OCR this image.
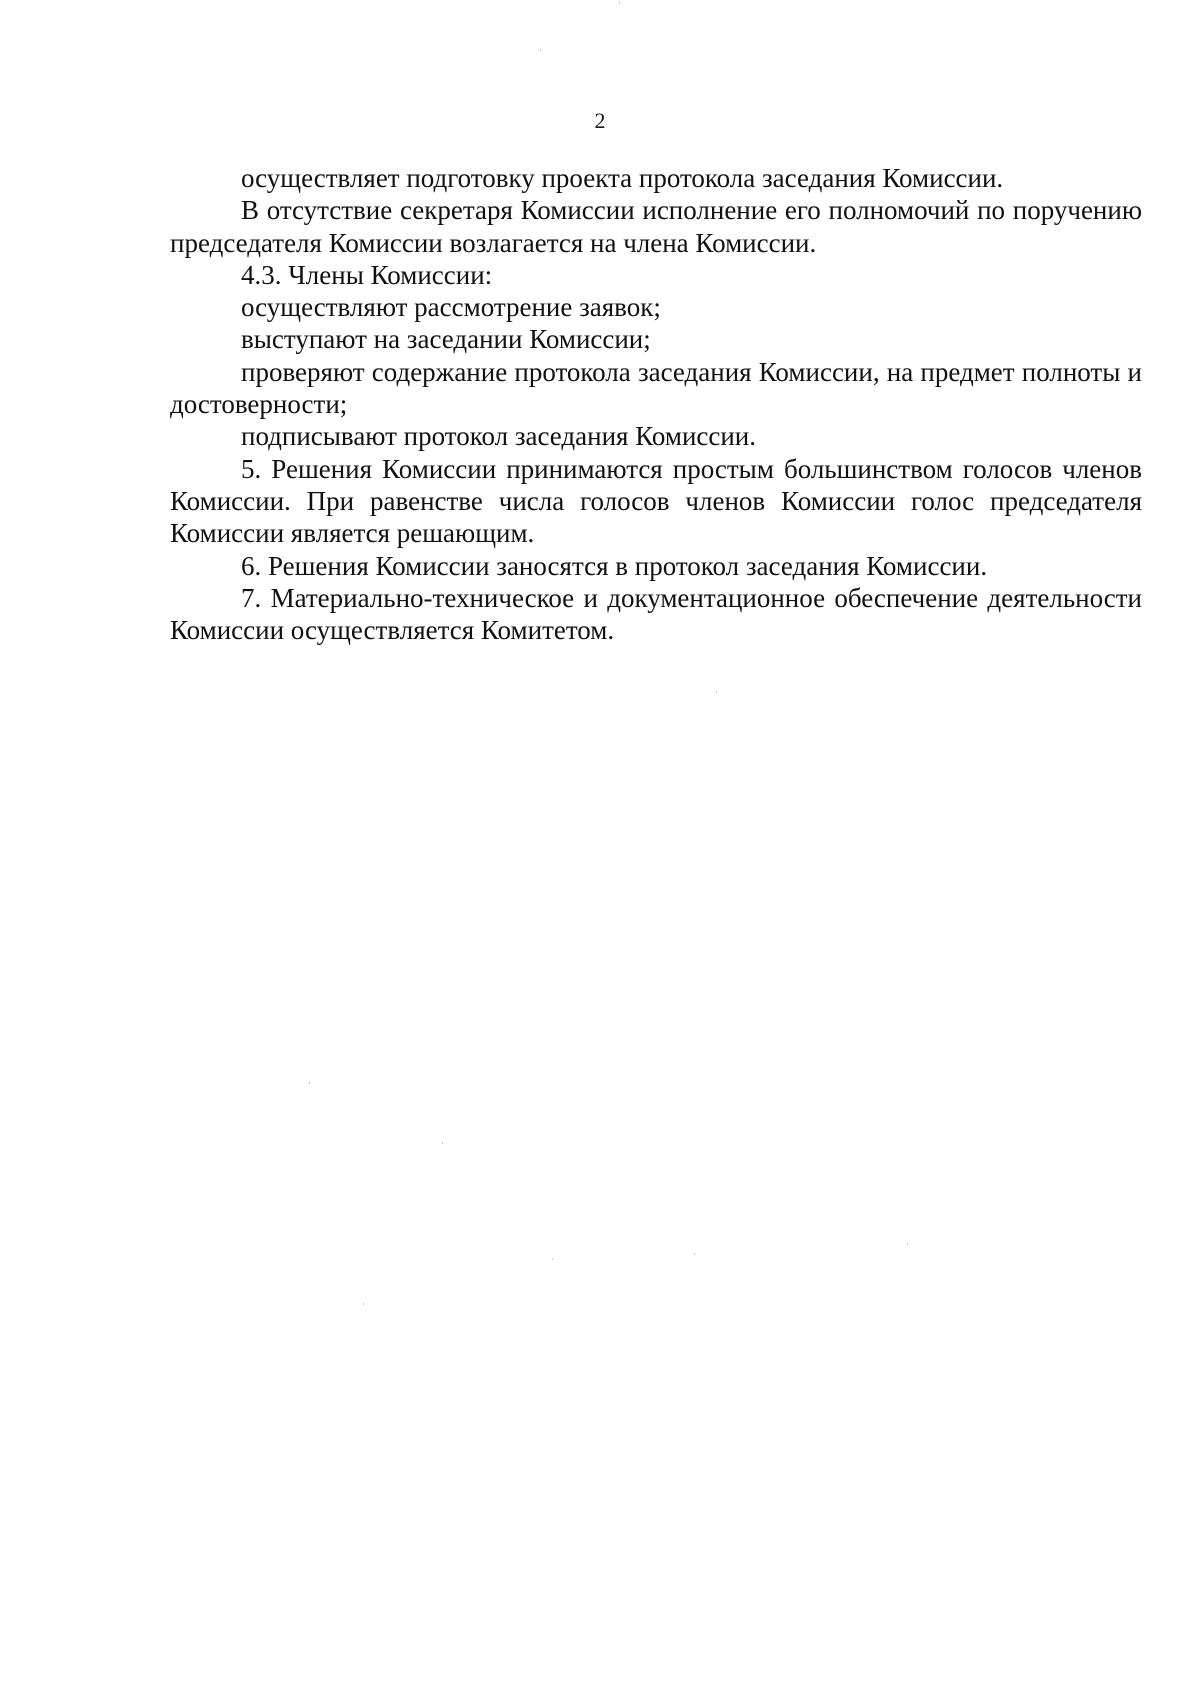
2

осуществляет подготовку проекта протокола заседания Комиссии.

В отсутствие секретаря Комиссии исполнение его полномочий по поручению председателя Комиссии возлагается на члена Комиссии.

4.3. Члены Комиссии:

осуществляют рассмотрение заявок;

выступают на заседании Комиссии;

проверяют содержание протокола заседания Комиссии, на предмет полноты и достоверности;

подписывают протокол заседания Комиссии.

5. Решения Комиссии принимаются простым большинством голосов членов Комиссии. При равенстве числа голосов членов Комиссии голос председателя Комиссии является решающим.

6. Решения Комиссии заносятся в протокол заседания Комиссии.

7. Материально-техническое и документационное обеспечение деятельности Комиссии осуществляется Комитетом.
